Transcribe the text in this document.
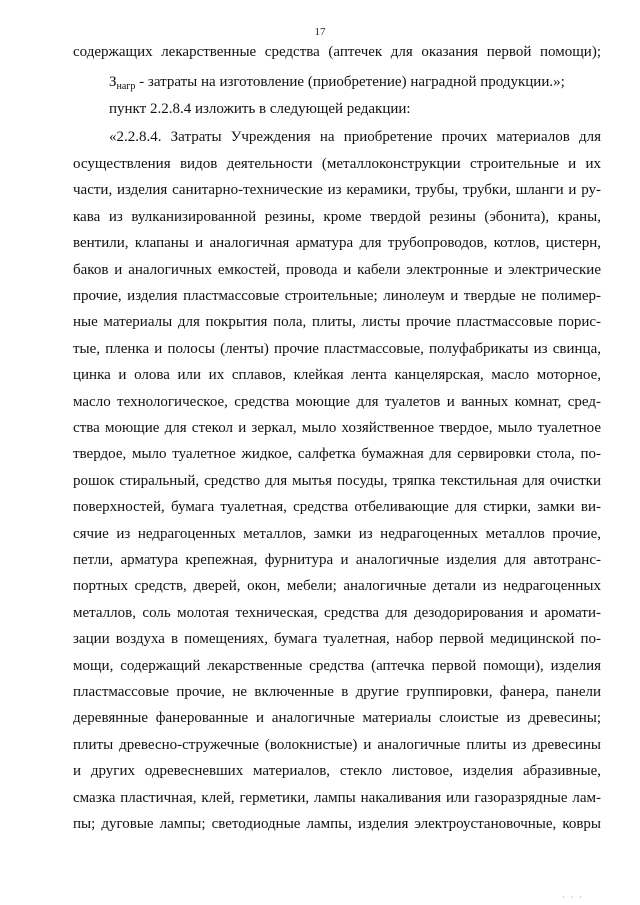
17
содержащих лекарственные средства (аптечек для оказания первой помощи);
$З_{нагр}$ - затраты на изготовление (приобретение) наградной продукции.»;
пункт 2.2.8.4 изложить в следующей редакции:
«2.2.8.4. Затраты Учреждения на приобретение прочих материалов для
осуществления видов деятельности (металлоконструкции строительные и их
части, изделия санитарно-технические из керамики, трубы, трубки, шланги и ру-
кава из вулканизированной резины, кроме твердой резины (эбонита), краны,
вентили, клапаны и аналогичная арматура для трубопроводов, котлов, цистерн,
баков и аналогичных емкостей, провода и кабели электронные и электрические
прочие, изделия пластмассовые строительные; линолеум и твердые не полимер-
ные материалы для покрытия пола, плиты, листы прочие пластмассовые порис-
тые, пленка и полосы (ленты) прочие пластмассовые, полуфабрикаты из свинца,
цинка и олова или их сплавов, клейкая лента канцелярская, масло моторное,
масло технологическое, средства моющие для туалетов и ванных комнат, сред-
ства моющие для стекол и зеркал, мыло хозяйственное твердое, мыло туалетное
твердое, мыло туалетное жидкое, салфетка бумажная для сервировки стола, по-
рошок стиральный, средство для мытья посуды, тряпка текстильная для очистки
поверхностей, бумага туалетная, средства отбеливающие для стирки, замки ви-
сячие из недрагоценных металлов, замки из недрагоценных металлов прочие,
петли, арматура крепежная, фурнитура и аналогичные изделия для автотранс-
портных средств, дверей, окон, мебели; аналогичные детали из недрагоценных
металлов, соль молотая техническая, средства для дезодорирования и аромати-
зации воздуха в помещениях, бумага туалетная, набор первой медицинской по-
мощи, содержащий лекарственные средства (аптечка первой помощи), изделия
пластмассовые прочие, не включенные в другие группировки, фанера, панели
деревянные фанерованные и аналогичные материалы слоистые из древесины;
плиты древесно-стружечные (волокнистые) и аналогичные плиты из древесины
и других одревесневших материалов, стекло листовое, изделия абразивные,
смазка пластичная, клей, герметики, лампы накаливания или газоразрядные лам-
пы; дуговые лампы; светодиодные лампы, изделия электроустановочные, ковры
· · ·
